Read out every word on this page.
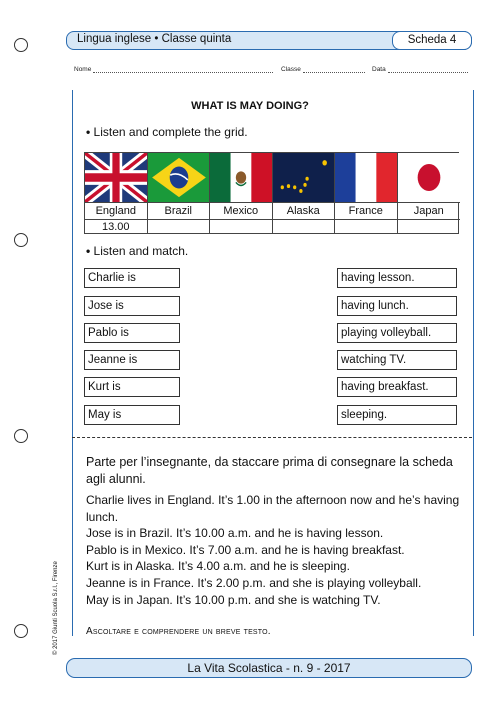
Lingua inglese • Classe quinta	Scheda 4
Nome	Classe	Data
WHAT IS MAY DOING?
• Listen and complete the grid.
England	Brazil	Mexico	Alaska	France	Japan
13.00
• Listen and match.
Charlie is
Jose is
Pablo is
Jeanne is
Kurt is
May is
having lesson.
having lunch.
playing volleyball.
watching TV.
having breakfast.
sleeping.
Parte per l’insegnante, da staccare prima di consegnare la scheda agli alunni.
Charlie lives in England. It’s 1.00 in the afternoon now and he’s having lunch.
Jose is in Brazil. It’s 10.00 a.m. and he is having lesson.
Pablo is in Mexico. It’s 7.00 a.m. and he is having breakfast.
Kurt is in Alaska. It’s 4.00 a.m. and he is sleeping.
Jeanne is in France. It’s 2.00 p.m. and she is playing volleyball.
May is in Japan. It’s 10.00 p.m. and she is watching TV.
Ascoltare e comprendere un breve testo.
© 2017 Giunti Scuola S.r.l., Firenze
La Vita Scolastica - n. 9 - 2017
